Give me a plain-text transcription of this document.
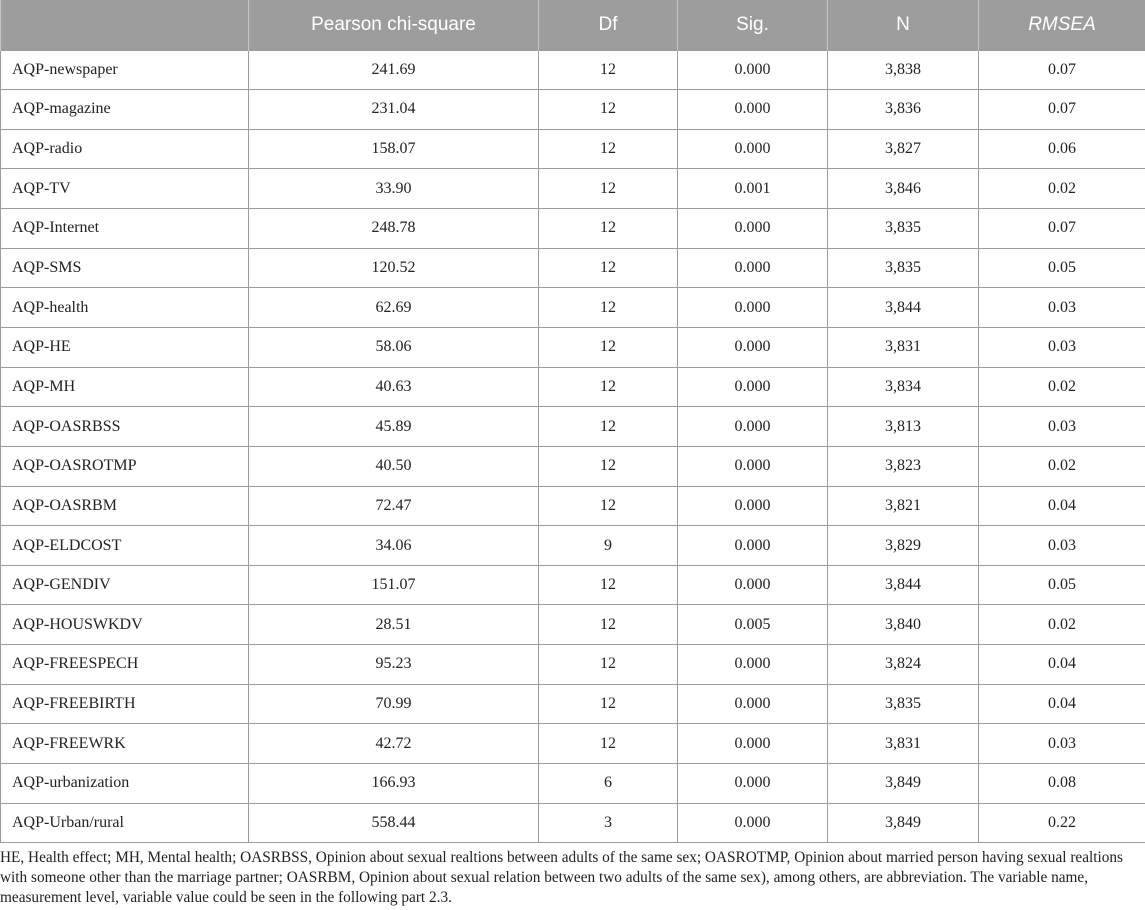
	Pearson chi-square	Df	Sig.	N	RMSEA
AQP-newspaper	241.69	12	0.000	3,838	0.07
AQP-magazine	231.04	12	0.000	3,836	0.07
AQP-radio	158.07	12	0.000	3,827	0.06
AQP-TV	33.90	12	0.001	3,846	0.02
AQP-Internet	248.78	12	0.000	3,835	0.07
AQP-SMS	120.52	12	0.000	3,835	0.05
AQP-health	62.69	12	0.000	3,844	0.03
AQP-HE	58.06	12	0.000	3,831	0.03
AQP-MH	40.63	12	0.000	3,834	0.02
AQP-OASRBSS	45.89	12	0.000	3,813	0.03
AQP-OASROTMP	40.50	12	0.000	3,823	0.02
AQP-OASRBM	72.47	12	0.000	3,821	0.04
AQP-ELDCOST	34.06	9	0.000	3,829	0.03
AQP-GENDIV	151.07	12	0.000	3,844	0.05
AQP-HOUSWKDV	28.51	12	0.005	3,840	0.02
AQP-FREESPECH	95.23	12	0.000	3,824	0.04
AQP-FREEBIRTH	70.99	12	0.000	3,835	0.04
AQP-FREEWRK	42.72	12	0.000	3,831	0.03
AQP-urbanization	166.93	6	0.000	3,849	0.08
AQP-Urban/rural	558.44	3	0.000	3,849	0.22

HE, Health effect; MH, Mental health; OASRBSS, Opinion about sexual realtions between adults of the same sex; OASROTMP, Opinion about married person having sexual realtions with someone other than the marriage partner; OASRBM, Opinion about sexual relation between two adults of the same sex), among others, are abbreviation. The variable name, measurement level, variable value could be seen in the following part 2.3.
